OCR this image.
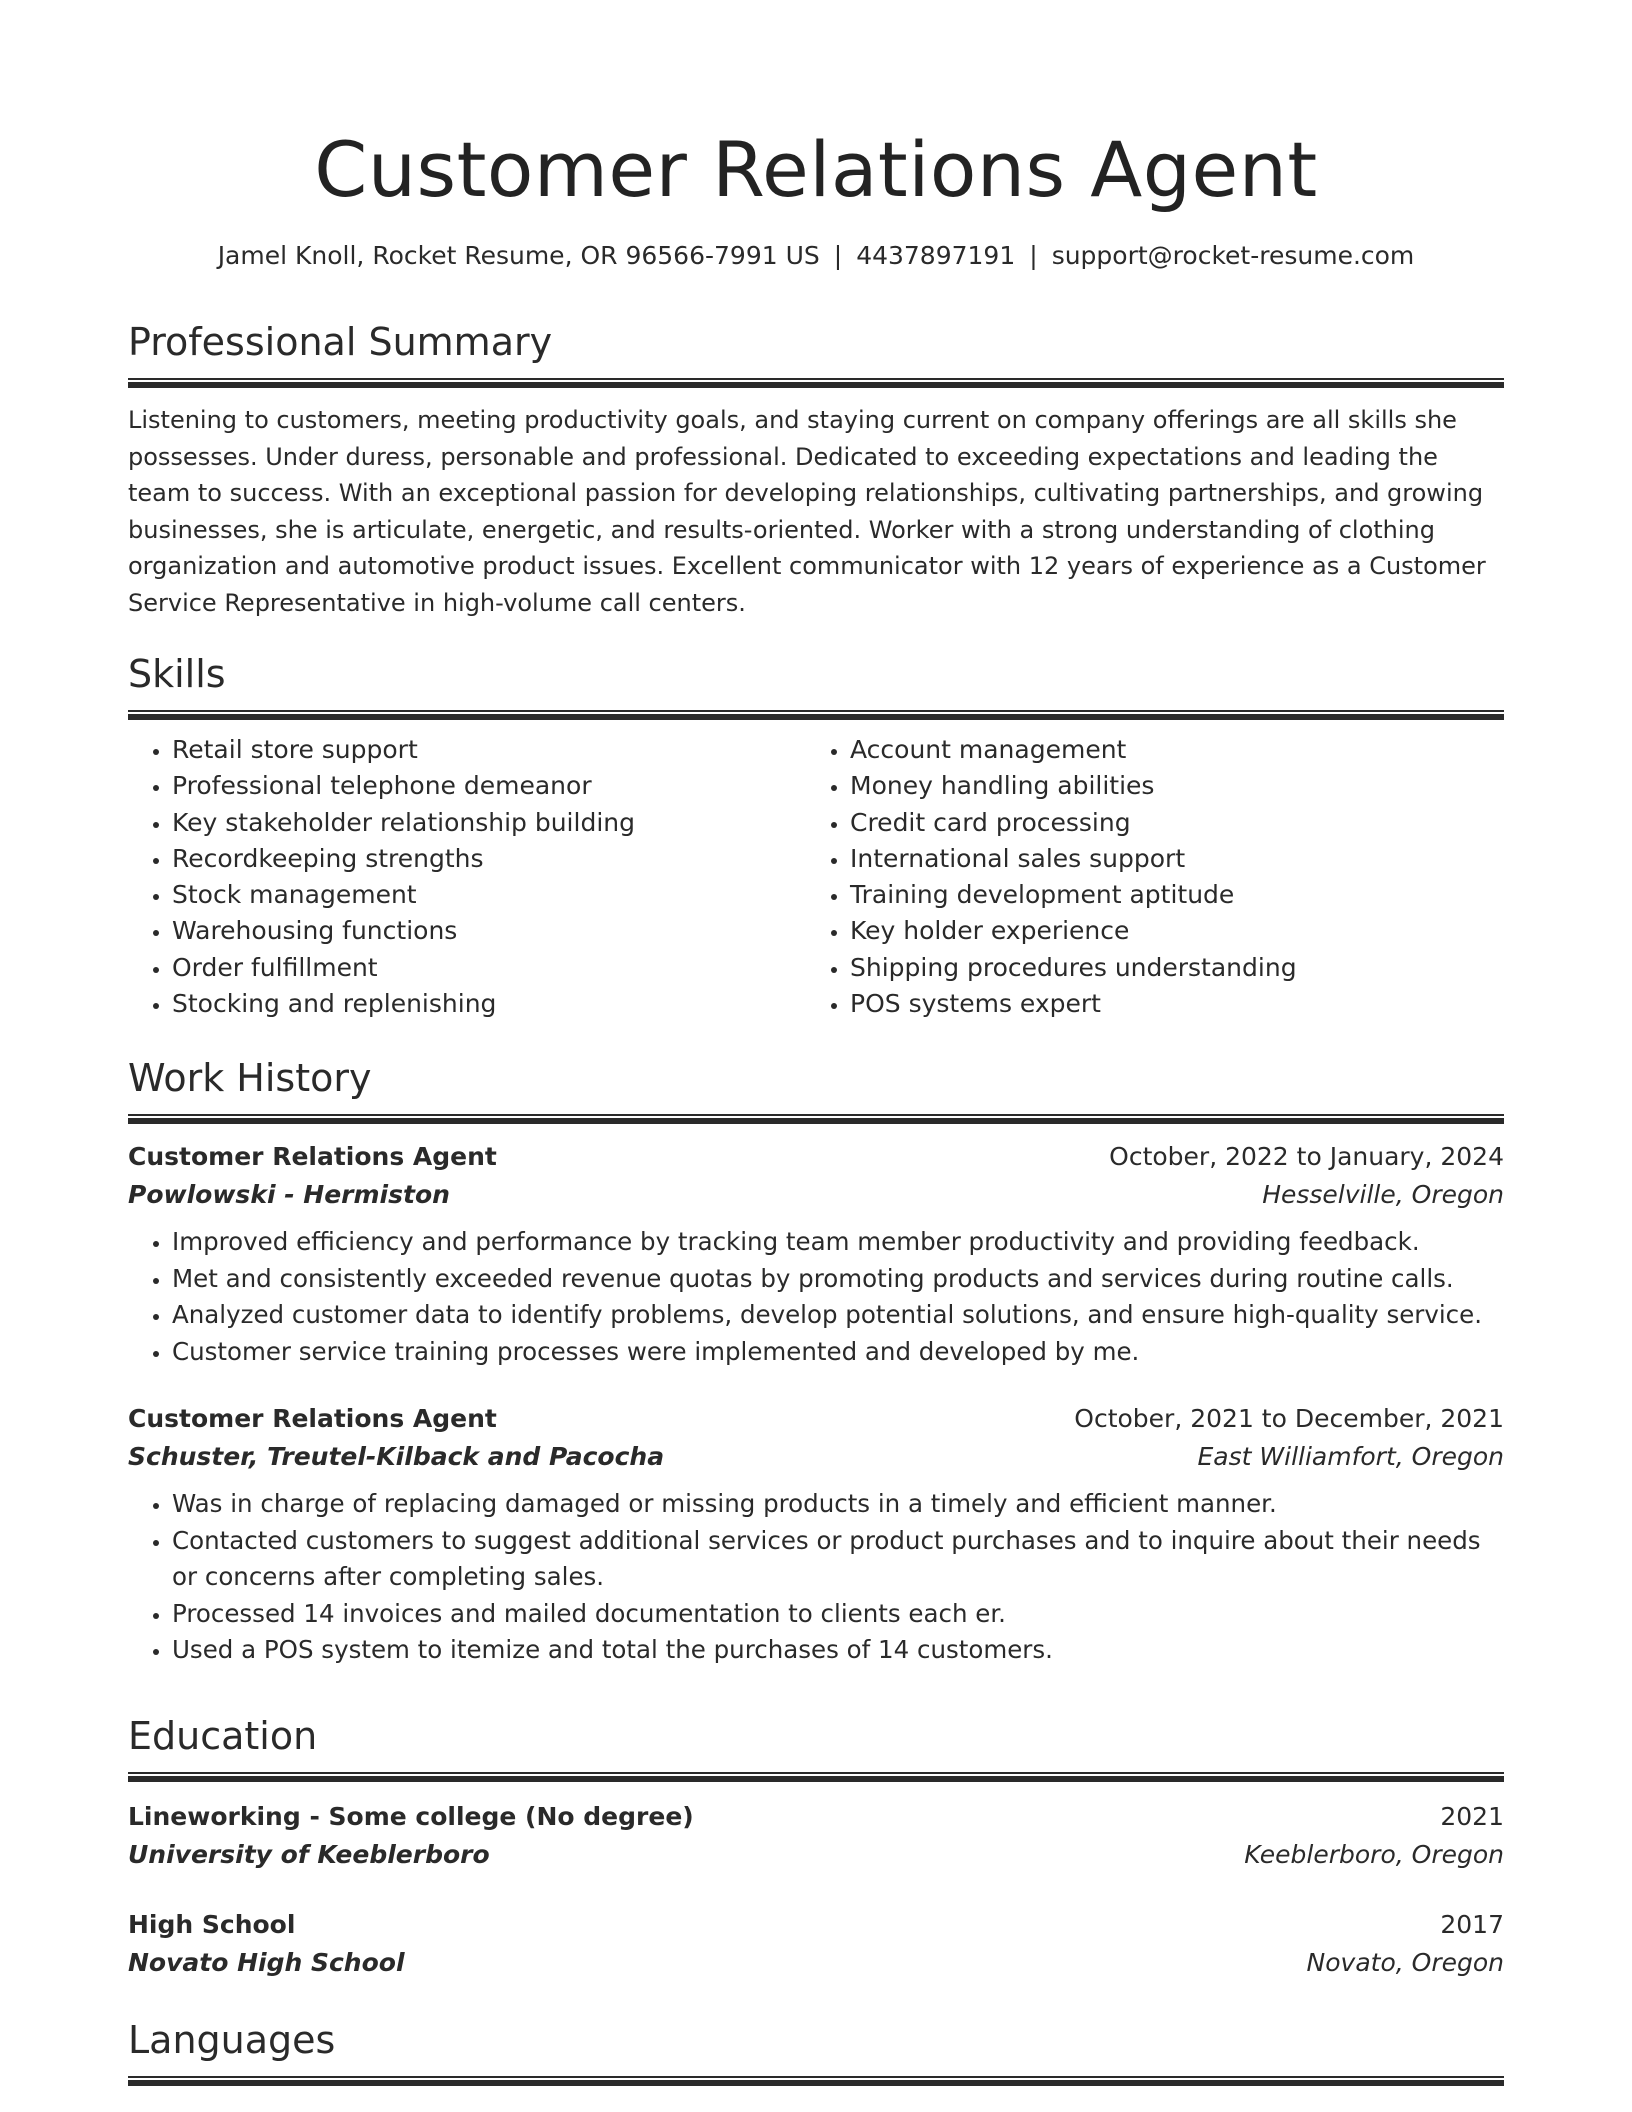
Customer Relations Agent
Jamel Knoll, Rocket Resume, OR 96566-7991 US | 4437897191 | support@rocket-resume.com
Professional Summary

Listening to customers, meeting productivity goals, and staying current on company offerings are all skills she possesses. Under duress, personable and professional. Dedicated to exceeding expectations and leading the team to success. With an exceptional passion for developing relationships, cultivating partnerships, and growing businesses, she is articulate, energetic, and results-oriented. Worker with a strong understanding of clothing organization and automotive product issues. Excellent communicator with 12 years of experience as a Customer Service Representative in high-volume call centers.

Skills
• Retail store support
• Professional telephone demeanor
• Key stakeholder relationship building
• Recordkeeping strengths
• Stock management
• Warehousing functions
• Order fulfillment
• Stocking and replenishing
• Account management
• Money handling abilities
• Credit card processing
• International sales support
• Training development aptitude
• Key holder experience
• Shipping procedures understanding
• POS systems expert
Work History
Customer Relations Agent	October, 2022 to January, 2024
Powlowski - Hermiston	Hesselville, Oregon
• Improved efficiency and performance by tracking team member productivity and providing feedback.
• Met and consistently exceeded revenue quotas by promoting products and services during routine calls.
• Analyzed customer data to identify problems, develop potential solutions, and ensure high-quality service.
• Customer service training processes were implemented and developed by me.
Customer Relations Agent	October, 2021 to December, 2021
Schuster, Treutel-Kilback and Pacocha	East Williamfort, Oregon
• Was in charge of replacing damaged or missing products in a timely and efficient manner.
• Contacted customers to suggest additional services or product purchases and to inquire about their needs or concerns after completing sales.
• Processed 14 invoices and mailed documentation to clients each er.
• Used a POS system to itemize and total the purchases of 14 customers.
Education
Lineworking - Some college (No degree)	2021
University of Keeblerboro	Keeblerboro, Oregon
High School	2017
Novato High School	Novato, Oregon
Languages
